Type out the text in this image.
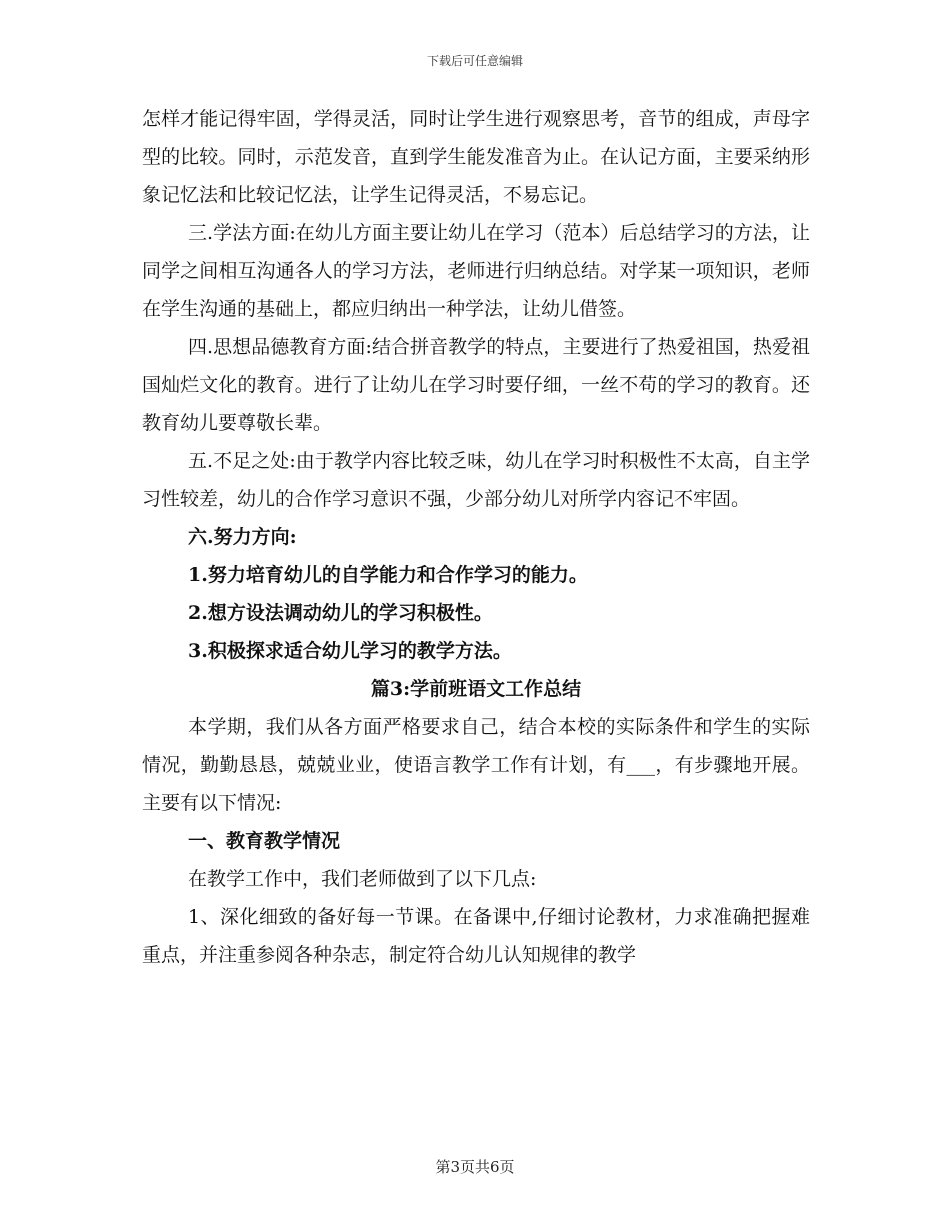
下载后可任意编辑

怎样才能记得牢固，学得灵活，同时让学生进行观察思考，音节的组成，声母字型的比较。同时，示范发音，直到学生能发准音为止。在认记方面，主要采纳形象记忆法和比较记忆法，让学生记得灵活，不易忘记。

三.学法方面:在幼儿方面主要让幼儿在学习（范本）后总结学习的方法，让同学之间相互沟通各人的学习方法，老师进行归纳总结。对学某一项知识，老师在学生沟通的基础上，都应归纳出一种学法，让幼儿借签。

四.思想品德教育方面:结合拼音教学的特点，主要进行了热爱祖国，热爱祖国灿烂文化的教育。进行了让幼儿在学习时要仔细，一丝不苟的学习的教育。还教育幼儿要尊敬长辈。

五.不足之处:由于教学内容比较乏味，幼儿在学习时积极性不太高，自主学习性较差，幼儿的合作学习意识不强，少部分幼儿对所学内容记不牢固。

六.努力方向:

1.努力培育幼儿的自学能力和合作学习的能力。

2.想方设法调动幼儿的学习积极性。

3.积极探求适合幼儿学习的教学方法。

篇3:学前班语文工作总结

本学期，我们从各方面严格要求自己，结合本校的实际条件和学生的实际情况，勤勤恳恳，兢兢业业，使语言教学工作有计划，有___，有步骤地开展。主要有以下情况:

一、教育教学情况

在教学工作中，我们老师做到了以下几点:

1、深化细致的备好每一节课。在备课中,仔细讨论教材，力求准确把握难重点，并注重参阅各种杂志，制定符合幼儿认知规律的教学

第3页共6页
